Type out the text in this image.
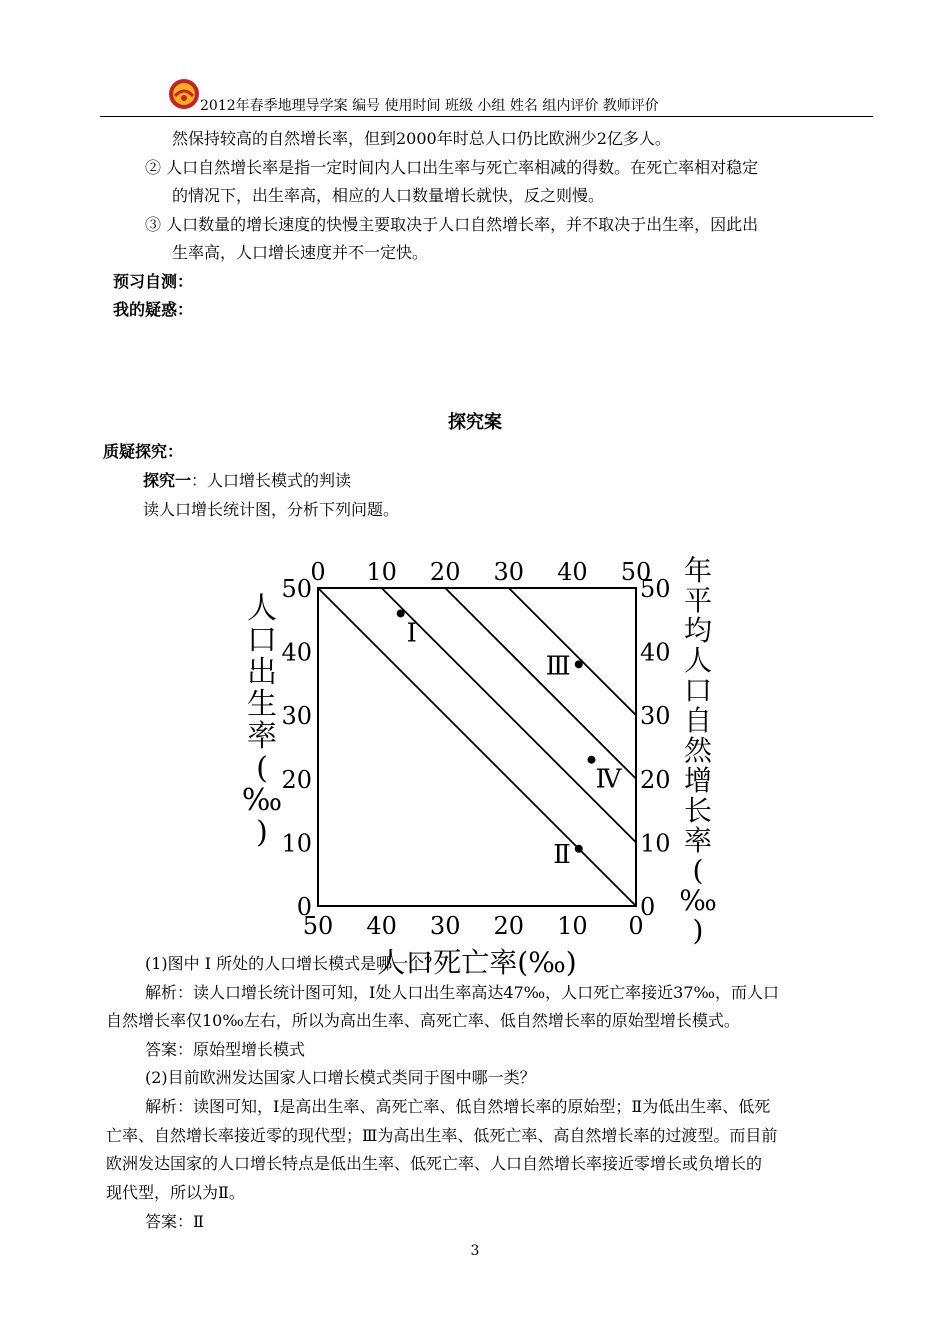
2012年春季地理导学案 编号 使用时间 班级 小组 姓名 组内评价 教师评价
然保持较高的自然增长率，但到2000年时总人口仍比欧洲少2亿多人。
② 人口自然增长率是指一定时间内人口出生率与死亡率相减的得数。在死亡率相对稳定
的情况下，出生率高，相应的人口数量增长就快，反之则慢。
③ 人口数量的增长速度的快慢主要取决于人口自然增长率，并不取决于出生率，因此出
生率高，人口增长速度并不一定快。
预习自测：
我的疑惑：
探究案
质疑探究：
探究一：人口增长模式的判读
读人口增长统计图，分析下列问题。
50 40 30 20 10 0
0
10
20
30
40
50
0 10 20 30 40 50
0
10
20
30
40
50
人口死亡率(‰)
人
口
出
生
率
(
‰
)
年
平
均
人
口
自
然
增
长
率
(
‰
)
Ⅰ
Ⅱ
Ⅲ
Ⅳ
(1)图中 Ⅰ 所处的人口增长模式是哪一个？
解析：读人口增长统计图可知，Ⅰ处人口出生率高达47‰，人口死亡率接近37‰，而人口
自然增长率仅10‰左右，所以为高出生率、高死亡率、低自然增长率的原始型增长模式。
答案：原始型增长模式
(2)目前欧洲发达国家人口增长模式类同于图中哪一类？
解析：读图可知，Ⅰ是高出生率、高死亡率、低自然增长率的原始型；Ⅱ为低出生率、低死
亡率、自然增长率接近零的现代型；Ⅲ为高出生率、低死亡率、高自然增长率的过渡型。而目前
欧洲发达国家的人口增长特点是低出生率、低死亡率、人口自然增长率接近零增长或负增长的
现代型，所以为Ⅱ。
答案：Ⅱ
3
